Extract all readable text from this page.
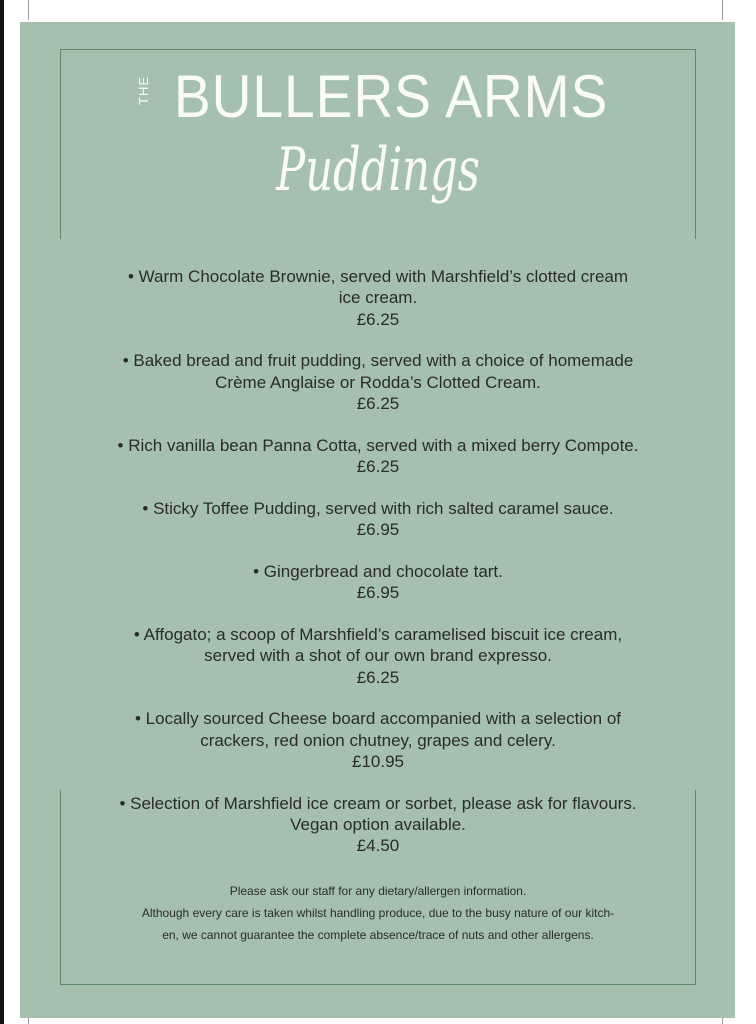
THE BULLERS ARMS
Puddings
• Warm Chocolate Brownie, served with Marshfield’s clotted cream
ice cream.
£6.25
• Baked bread and fruit pudding, served with a choice of homemade
Crème Anglaise or Rodda’s Clotted Cream.
£6.25
• Rich vanilla bean Panna Cotta, served with a mixed berry Compote.
£6.25
• Sticky Toffee Pudding, served with rich salted caramel sauce.
£6.95
• Gingerbread and chocolate tart.
£6.95
• Affogato; a scoop of Marshfield’s caramelised biscuit ice cream,
served with a shot of our own brand expresso.
£6.25
• Locally sourced Cheese board accompanied with a selection of
crackers, red onion chutney, grapes and celery.
£10.95
• Selection of Marshfield ice cream or sorbet, please ask for flavours.
Vegan option available.
£4.50
Please ask our staff for any dietary/allergen information.
Although every care is taken whilst handling produce, due to the busy nature of our kitch-
en, we cannot guarantee the complete absence/trace of nuts and other allergens.
